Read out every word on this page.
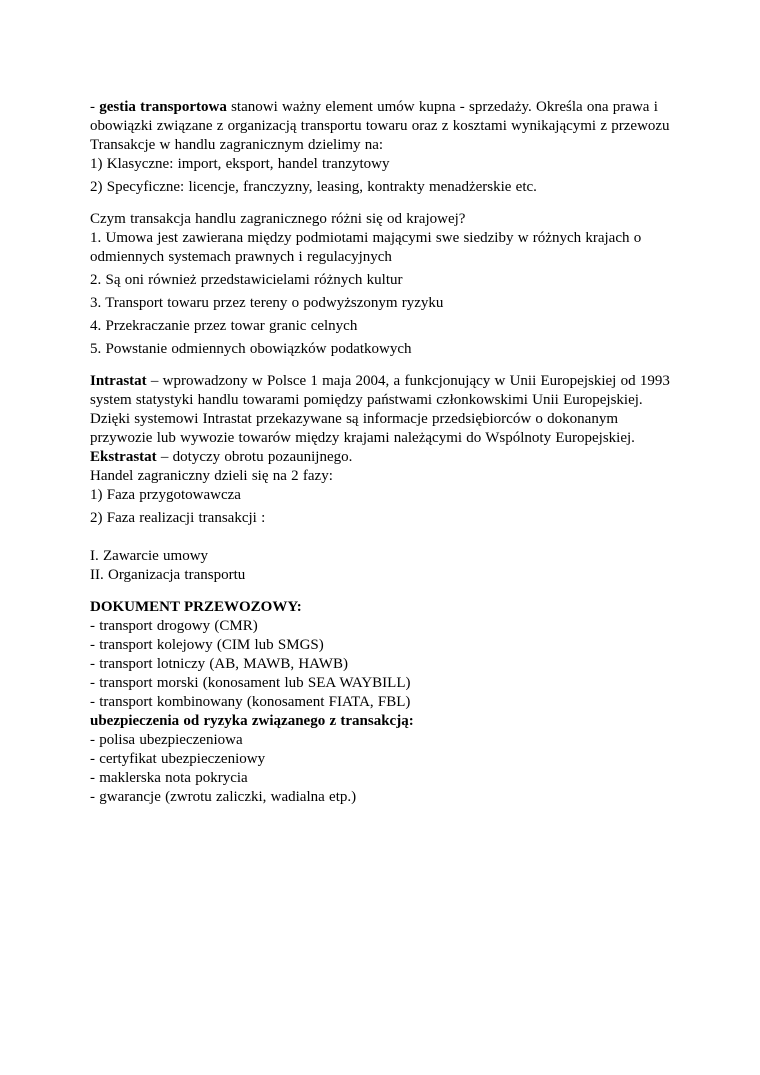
- gestia transportowa stanowi ważny element umów kupna - sprzedaży. Określa ona prawa i obowiązki związane z organizacją transportu towaru oraz z kosztami wynikającymi z przewozu

Transakcje w handlu zagranicznym dzielimy na:

1) Klasyczne: import, eksport, handel tranzytowy

2) Specyficzne: licencje, franczyzny, leasing, kontrakty menadżerskie etc.

Czym transakcja handlu zagranicznego różni się od krajowej?

1. Umowa jest zawierana między podmiotami mającymi swe siedziby w różnych krajach o odmiennych systemach prawnych i regulacyjnych

2. Są oni również przedstawicielami różnych kultur

3. Transport towaru przez tereny o podwyższonym ryzyku

4. Przekraczanie przez towar granic celnych

5. Powstanie odmiennych obowiązków podatkowych

Intrastat – wprowadzony w Polsce 1 maja 2004, a funkcjonujący w Unii Europejskiej od 1993 system statystyki handlu towarami pomiędzy państwami członkowskimi Unii Europejskiej. Dzięki systemowi Intrastat przekazywane są informacje przedsiębiorców o dokonanym przywozie lub wywozie towarów między krajami należącymi do Wspólnoty Europejskiej.

Ekstrastat – dotyczy obrotu pozaunijnego.

Handel zagraniczny dzieli się na 2 fazy:

1) Faza przygotowawcza

2) Faza realizacji transakcji :

I. Zawarcie umowy

II. Organizacja transportu

DOKUMENT PRZEWOZOWY:

- transport drogowy (CMR)

- transport kolejowy (CIM lub SMGS)

- transport lotniczy (AB, MAWB, HAWB)

- transport morski (konosament lub SEA WAYBILL)

- transport kombinowany (konosament FIATA, FBL)

ubezpieczenia od ryzyka związanego z transakcją:

- polisa ubezpieczeniowa

- certyfikat ubezpieczeniowy

- maklerska nota pokrycia

- gwarancje (zwrotu zaliczki, wadialna etp.)
